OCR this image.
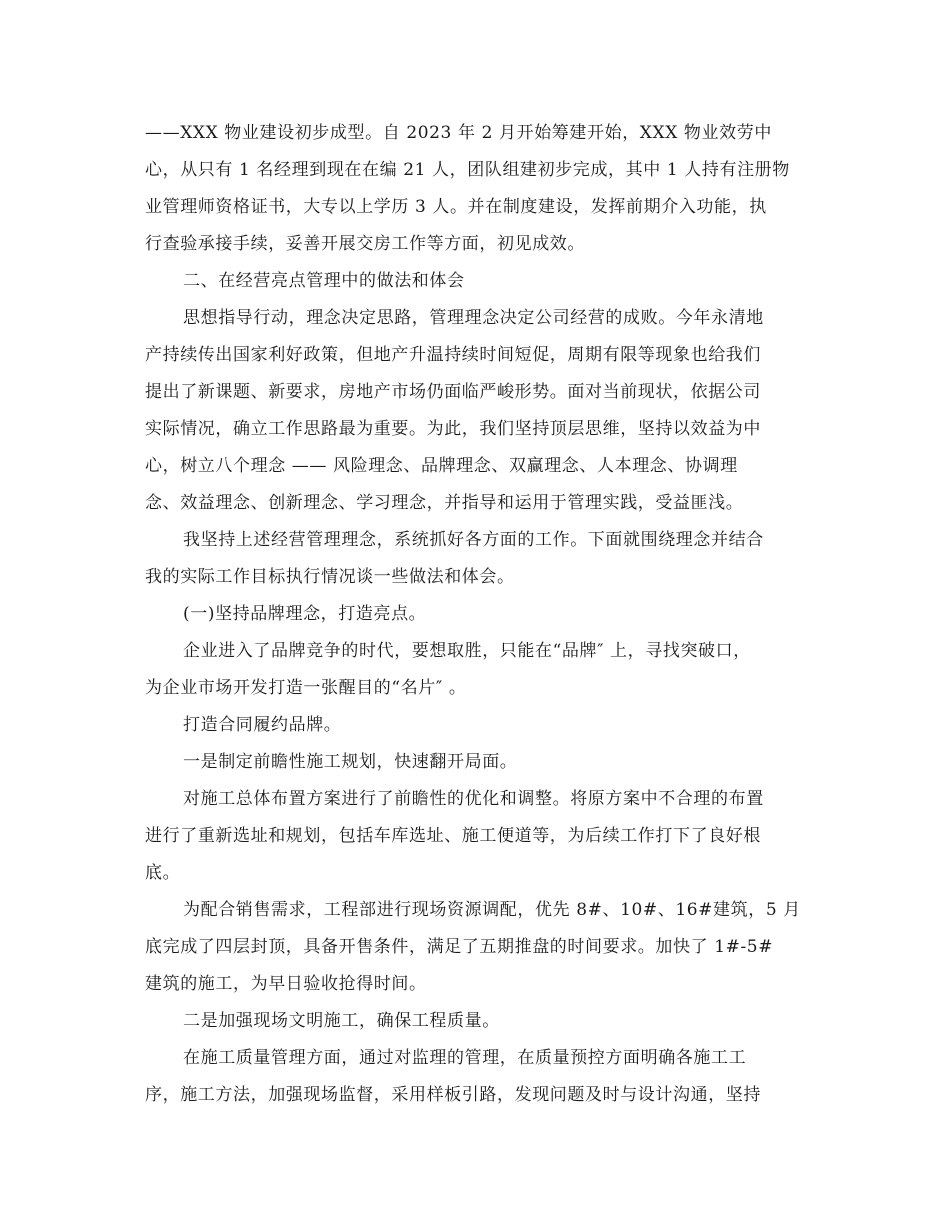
——XXX 物业建设初步成型。自 2023 年 2 月开始筹建开始，XXX 物业效劳中
心，从只有 1 名经理到现在在编 21 人，团队组建初步完成，其中 1 人持有注册物
业管理师资格证书，大专以上学历 3 人。并在制度建设，发挥前期介入功能，执
行查验承接手续，妥善开展交房工作等方面，初见成效。
二、在经营亮点管理中的做法和体会
思想指导行动，理念决定思路，管理理念决定公司经营的成败。今年永清地
产持续传出国家利好政策，但地产升温持续时间短促，周期有限等现象也给我们
提出了新课题、新要求，房地产市场仍面临严峻形势。面对当前现状，依据公司
实际情况，确立工作思路最为重要。为此，我们坚持顶层思维，坚持以效益为中
心，树立八个理念 —— 风险理念、品牌理念、双赢理念、人本理念、协调理
念、效益理念、创新理念、学习理念，并指导和运用于管理实践，受益匪浅。
我坚持上述经营管理理念，系统抓好各方面的工作。下面就围绕理念并结合
我的实际工作目标执行情况谈一些做法和体会。
(一)坚持品牌理念，打造亮点。
企业进入了品牌竞争的时代，要想取胜，只能在“品牌″ 上，寻找突破口，
为企业市场开发打造一张醒目的“名片″ 。
打造合同履约品牌。
一是制定前瞻性施工规划，快速翻开局面。
对施工总体布置方案进行了前瞻性的优化和调整。将原方案中不合理的布置
进行了重新选址和规划，包括车库选址、施工便道等，为后续工作打下了良好根
底。
为配合销售需求，工程部进行现场资源调配，优先 8#、10#、16#建筑，5 月
底完成了四层封顶，具备开售条件，满足了五期推盘的时间要求。加快了 1#-5#
建筑的施工，为早日验收抢得时间。
二是加强现场文明施工，确保工程质量。
在施工质量管理方面，通过对监理的管理，在质量预控方面明确各施工工
序，施工方法，加强现场监督，采用样板引路，发现问题及时与设计沟通，坚持
